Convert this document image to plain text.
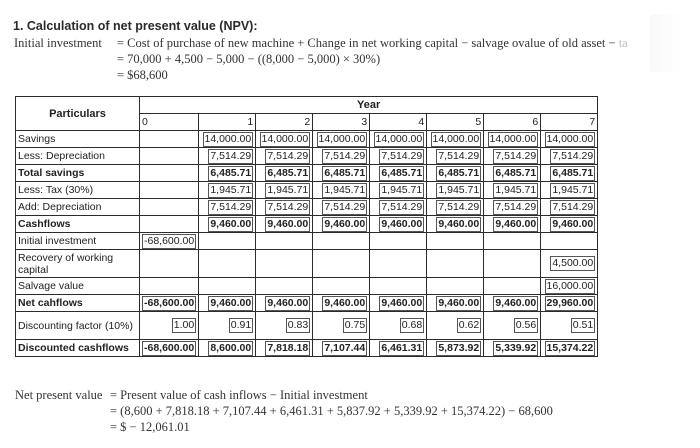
1. Calculation of net present value (NPV):
Initial investment = Cost of purchase of new machine + Change in net working capital − salvage ovalue of old asset − ta
= 70,000 + 4,500 − 5,000 − ((8,000 − 5,000) × 30%)
= $68,600
Particulars	Year							
	0	1	2	3	4	5	6	7
Savings		14,000.00	14,000.00	14,000.00	14,000.00	14,000.00	14,000.00	14,000.00
Less: Depreciation		7,514.29	7,514.29	7,514.29	7,514.29	7,514.29	7,514.29	7,514.29
Total savings		6,485.71	6,485.71	6,485.71	6,485.71	6,485.71	6,485.71	6,485.71
Less: Tax (30%)		1,945.71	1,945.71	1,945.71	1,945.71	1,945.71	1,945.71	1,945.71
Add: Depreciation		7,514.29	7,514.29	7,514.29	7,514.29	7,514.29	7,514.29	7,514.29
Cashflows		9,460.00	9,460.00	9,460.00	9,460.00	9,460.00	9,460.00	9,460.00
Initial investment	-68,600.00							
Recovery of working capital								4,500.00
Salvage value								16,000.00
Net cahflows	-68,600.00	9,460.00	9,460.00	9,460.00	9,460.00	9,460.00	9,460.00	29,960.00
Discounting factor (10%)	1.00	0.91	0.83	0.75	0.68	0.62	0.56	0.51
Discounted cashflows	-68,600.00	8,600.00	7,818.18	7,107.44	6,461.31	5,873.92	5,339.92	15,374.22
Net present value = Present value of cash inflows − Initial investment
= (8,600 + 7,818.18 + 7,107.44 + 6,461.31 + 5,837.92 + 5,339.92 + 15,374.22) − 68,600
= $ − 12,061.01
